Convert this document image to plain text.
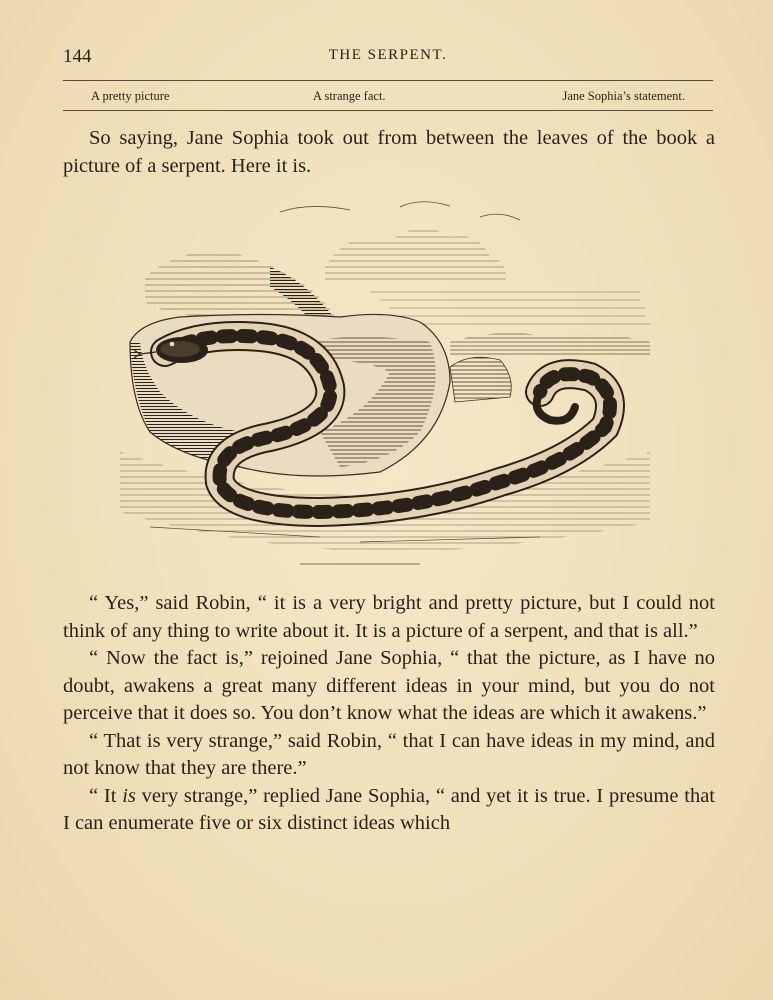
144	THE SERPENT.
A pretty picture	A strange fact.	Jane Sophia’s statement.

So saying, Jane Sophia took out from between the leaves of the book a picture of a serpent. Here it is.

“ Yes,” said Robin, “ it is a very bright and pretty picture, but I could not think of any thing to write about it. It is a picture of a serpent, and that is all.”

“ Now the fact is,” rejoined Jane Sophia, “ that the picture, as I have no doubt, awakens a great many different ideas in your mind, but you do not perceive that it does so. You don’t know what the ideas are which it awakens.”

“ That is very strange,” said Robin, “ that I can have ideas in my mind, and not know that they are there.”

“ It is very strange,” replied Jane Sophia, “ and yet it is true. I presume that I can enumerate five or six distinct ideas which
